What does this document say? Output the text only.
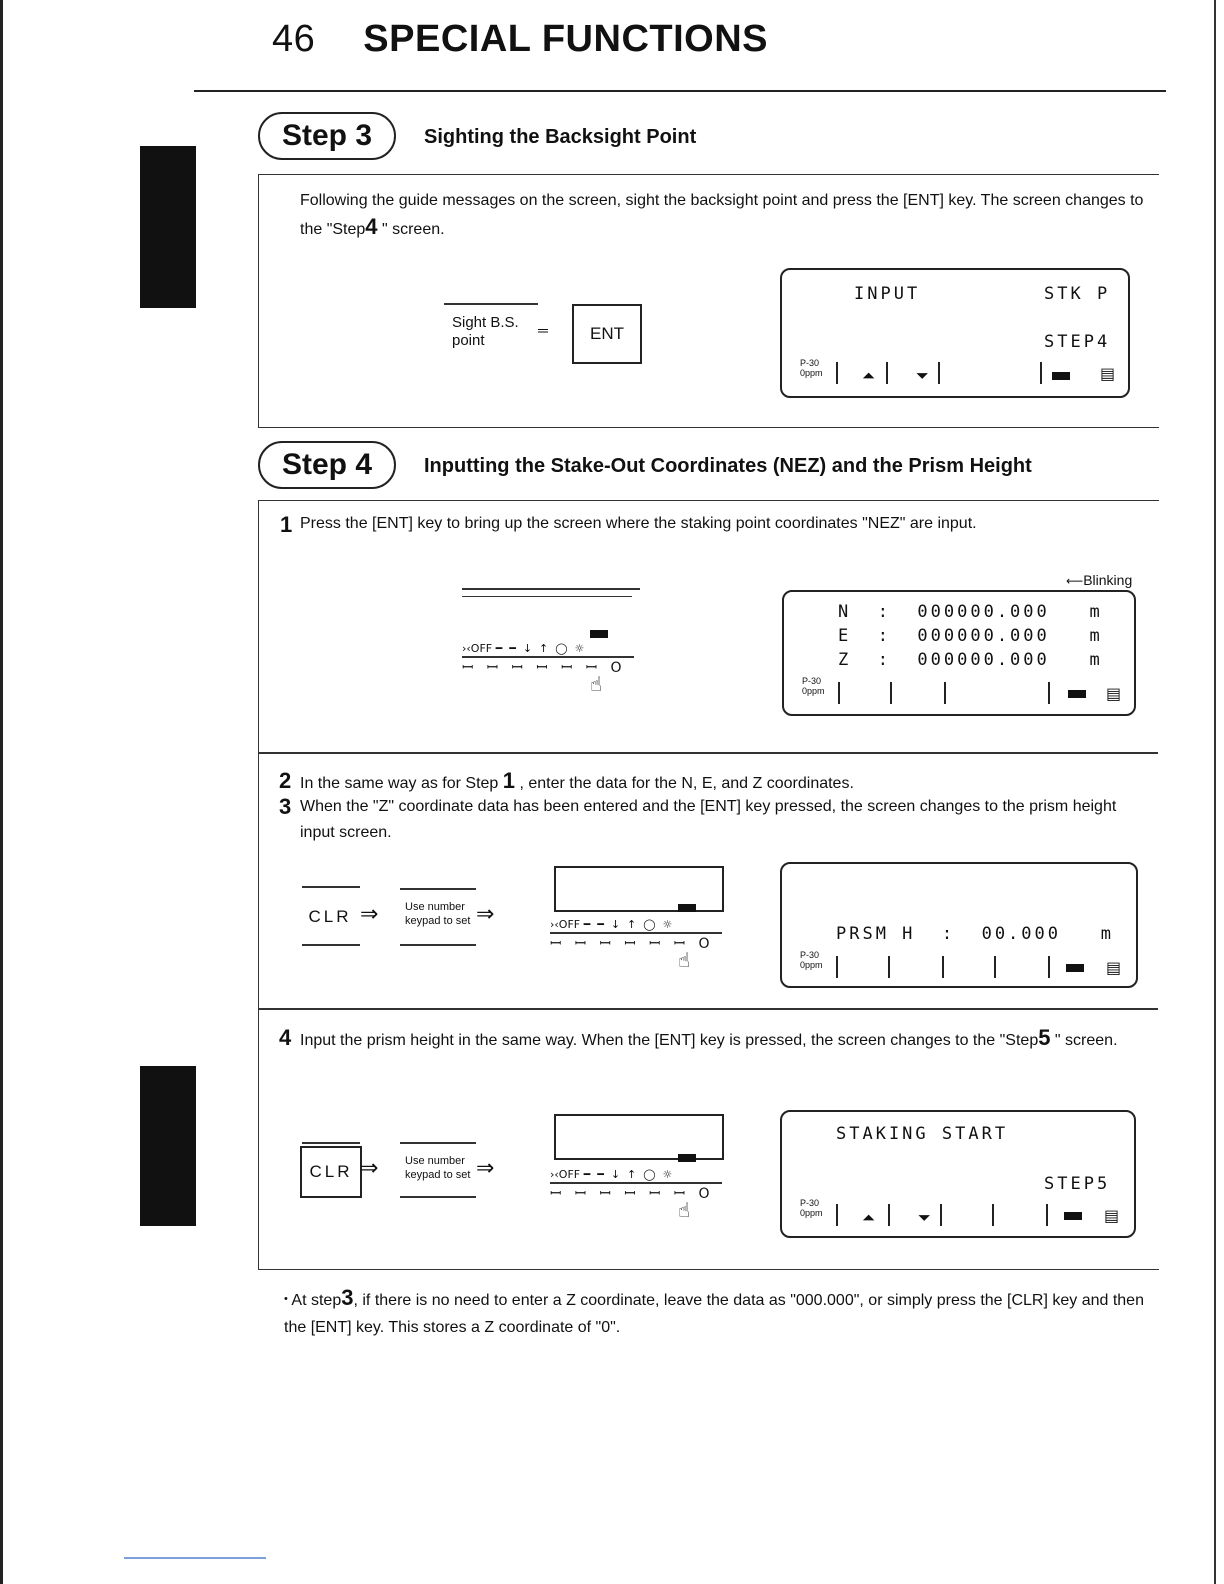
46 SPECIAL FUNCTIONS
Step 3	Sighting the Backsight Point
Following the guide messages on the screen, sight the backsight point and press the [ENT] key. The screen changes to the "Step4 " screen.
Sight B.S.
point
═	ENT
INPUT	STK P
STEP4
P-30
0ppm ⏶	⏷	▤
Step 4	Inputting the Stake-Out Coordinates (NEZ) and the Prism Height
1 Press the [ENT] key to bring up the screen where the staking point coordinates "NEZ" are input.
›‹OFF ━  ━  ↓  ↑  ◯  ☼
ꟷ   ꟷ   ꟷ   ꟷ   ꟷ   ꟷ   O
☝
⟵Blinking
N  :  000000.000   m
E  :  000000.000   m
Z  :  000000.000   m
P-30
0ppm	▤
2 In the same way as for Step 1 , enter the data for the N, E, and Z coordinates.
3 When the "Z" coordinate data has been entered and the [ENT] key pressed, the screen changes to the prism height input screen.
CLR ⇒ Use number
keypad to set ⇒	›‹OFF ━  ━  ↓  ↑  ◯  ☼
ꟷ   ꟷ   ꟷ   ꟷ   ꟷ   ꟷ   O
☝
PRSM H  :  00.000   m
P-30
0ppm	▤
4 Input the prism height in the same way. When the [ENT] key is pressed, the screen changes to the "Step5 " screen.
CLR ⇒ Use number
keypad to set ⇒	›‹OFF ━  ━  ↓  ↑  ◯  ☼
ꟷ   ꟷ   ꟷ   ꟷ   ꟷ   ꟷ   O
☝
STAKING START
STEP5
P-30
0ppm ⏶	⏷	▤
• At step3, if there is no need to enter a Z coordinate, leave the data as "000.000", or simply press the [CLR] key and then the [ENT] key. This stores a Z coordinate of "0".
